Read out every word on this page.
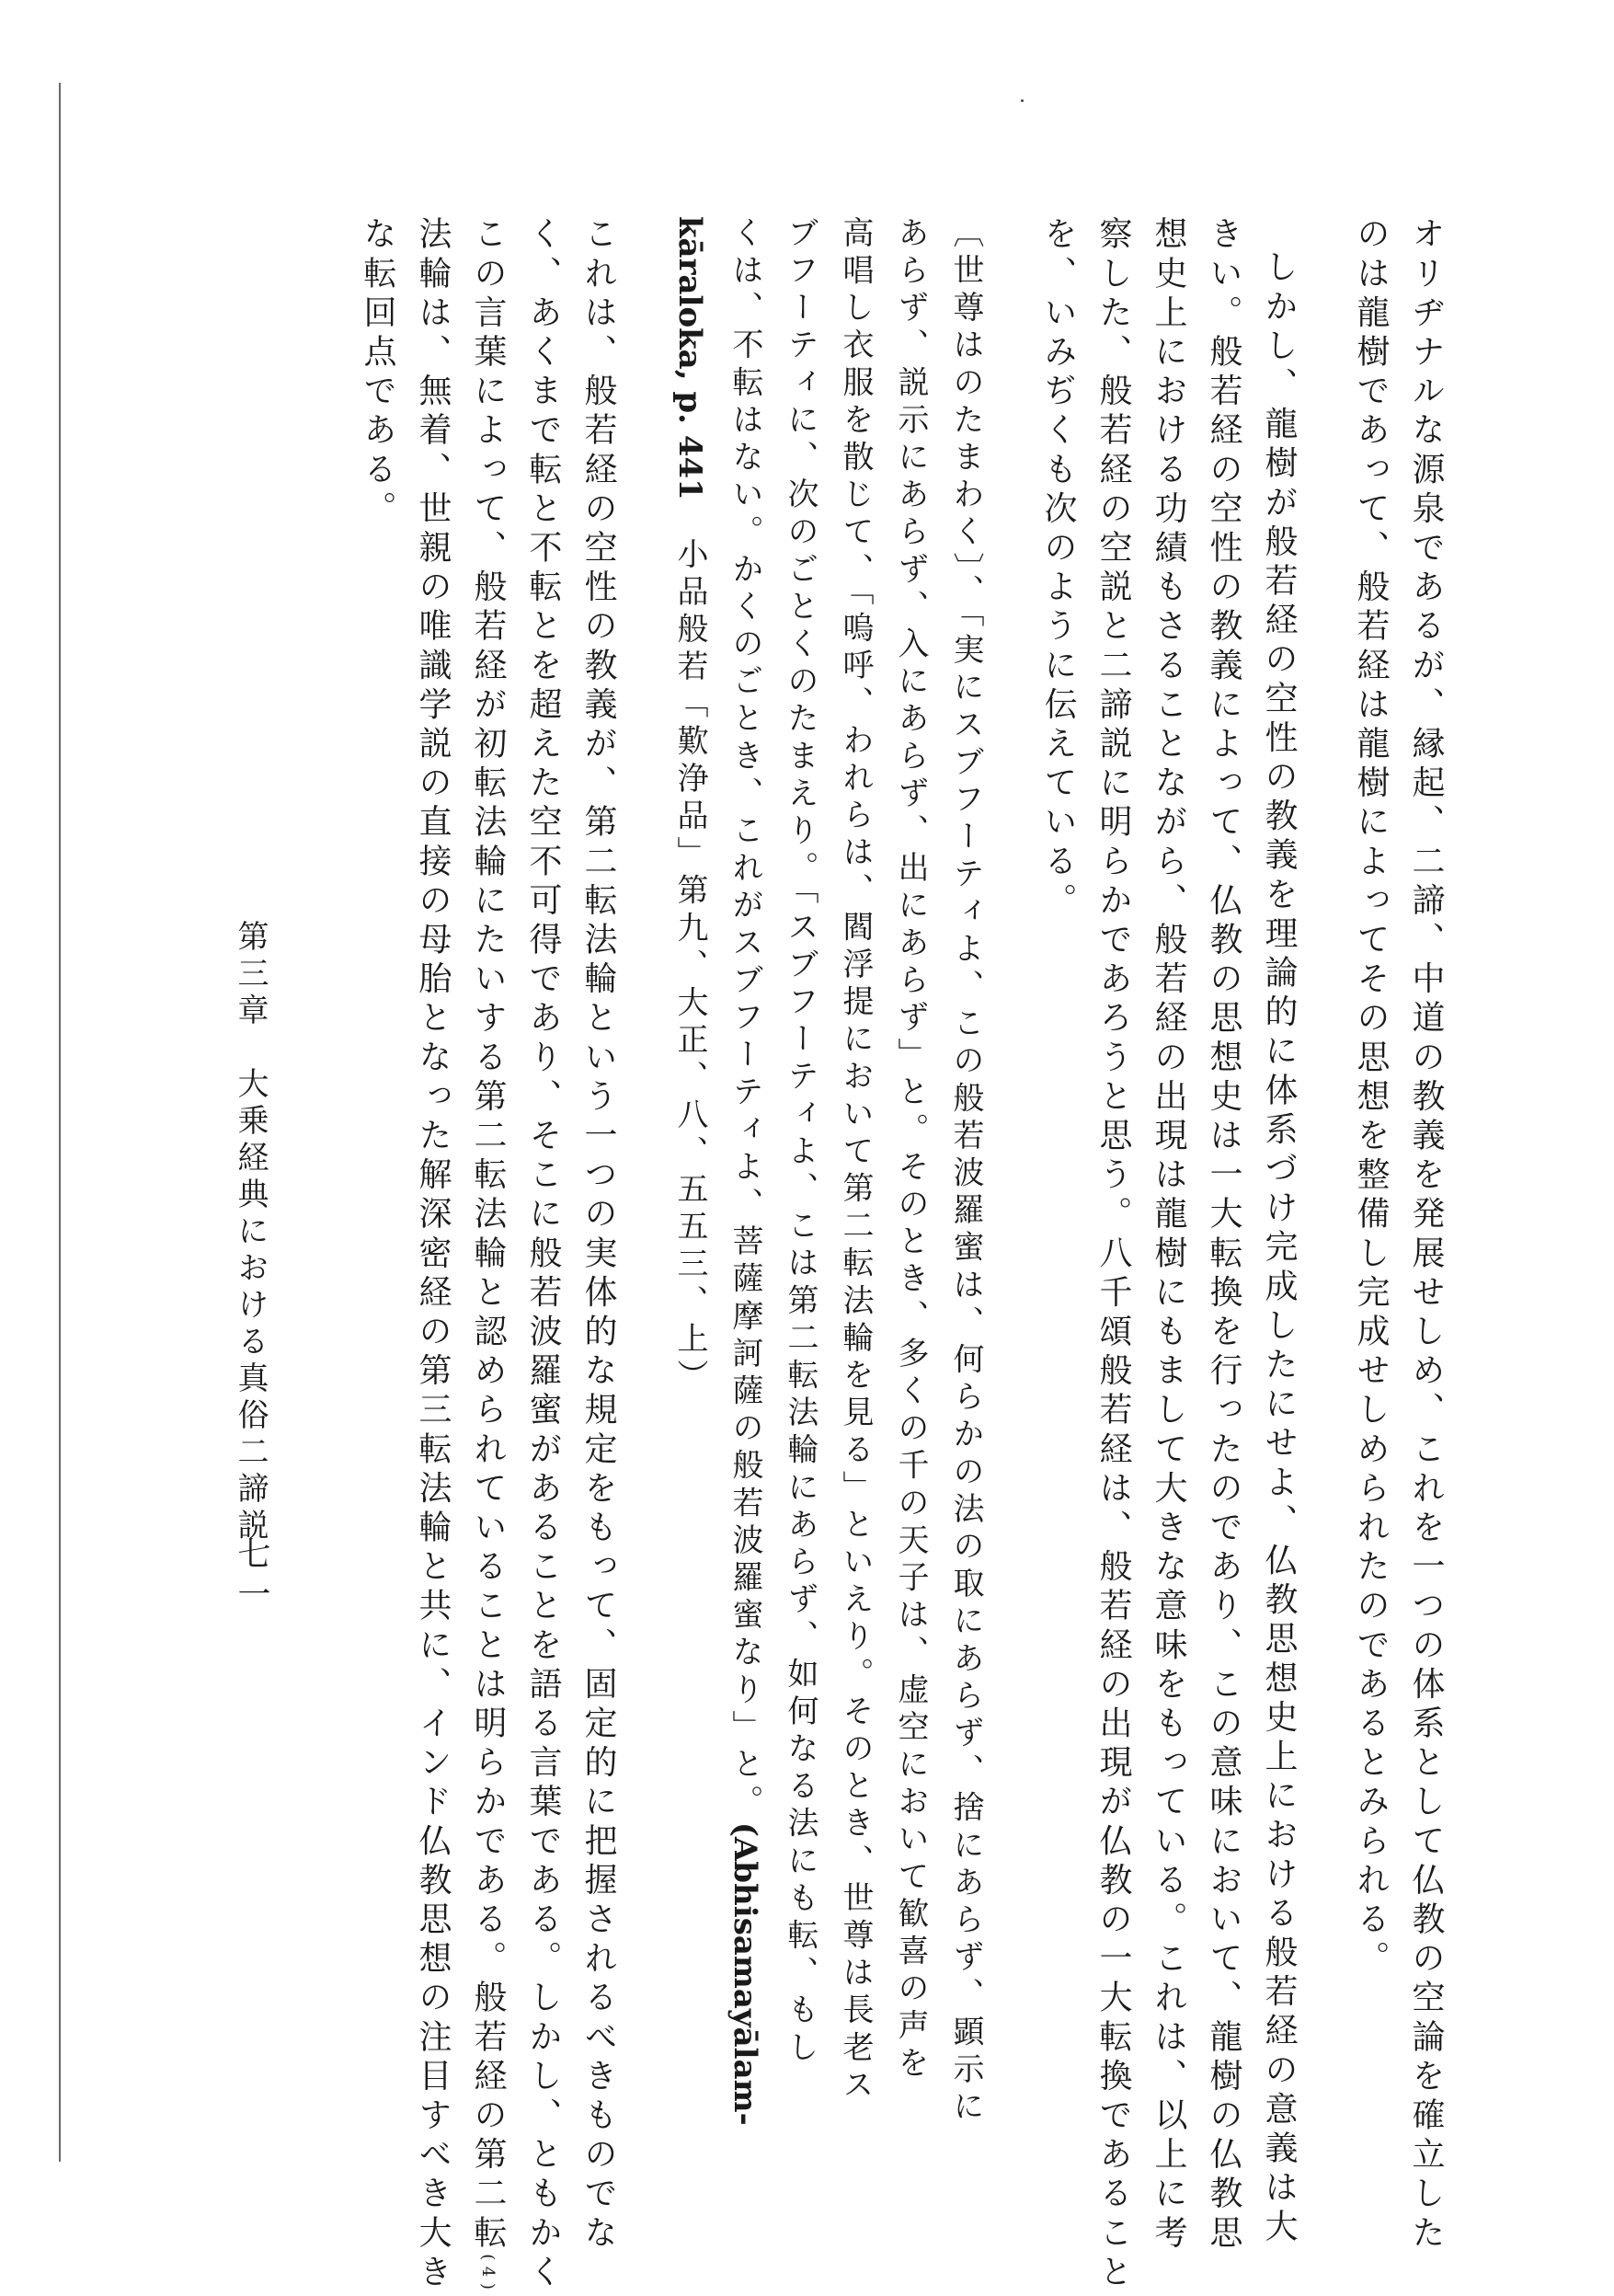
オリヂナルな源泉であるが、縁起、二諦、中道の教義を発展せしめ、これを一つの体系として仏教の空論を確立した
のは龍樹であって、般若経は龍樹によってその思想を整備し完成せしめられたのであるとみられる。
しかし、龍樹が般若経の空性の教義を理論的に体系づけ完成したにせよ、仏教思想史上における般若経の意義は大
きい。般若経の空性の教義によって、仏教の思想史は一大転換を行ったのであり、この意味において、龍樹の仏教思
想史上における功績もさることながら、般若経の出現は龍樹にもまして大きな意味をもっている。これは、以上に考
察した、般若経の空説と二諦説に明らかであろうと思う。八千頌般若経は、般若経の出現が仏教の一大転換であること
を、いみぢくも次のように伝えている。
〔世尊はのたまわく〕、「実にスブフーティよ、この般若波羅蜜は、何らかの法の取にあらず、捨にあらず、顕示に
あらず、説示にあらず、入にあらず、出にあらず」と。そのとき、多くの千の天子は、虚空において歓喜の声を
高唱し衣服を散じて、「嗚呼、われらは、閻浮提において第二転法輪を見る」といえり。そのとき、世尊は長老ス
ブフーティに、次のごとくのたまえり。「スブフーティよ、こは第二転法輪にあらず、如何なる法にも転、もし
くは、不転はない。かくのごとき、これがスブフーティよ、菩薩摩訶薩の般若波羅蜜なり」と。(Abhisamayālam-
kāraloka, p. 441　小品般若「歎浄品」第九、大正、八、五五三、上）
これは、般若経の空性の教義が、第二転法輪という一つの実体的な規定をもって、固定的に把握されるべきものでな
く、あくまで転と不転とを超えた空不可得であり、そこに般若波羅蜜があることを語る言葉である。しかし、ともかく
この言葉によって、般若経が初転法輪にたいする第二転法輪と認められていることは明らかである。般若経の第二転(4)
法輪は、無着、世親の唯識学説の直接の母胎となった解深密経の第三転法輪と共に、インド仏教思想の注目すべき大き
な転回点である。
第三章　大乗経典における真俗二諦説
七一
